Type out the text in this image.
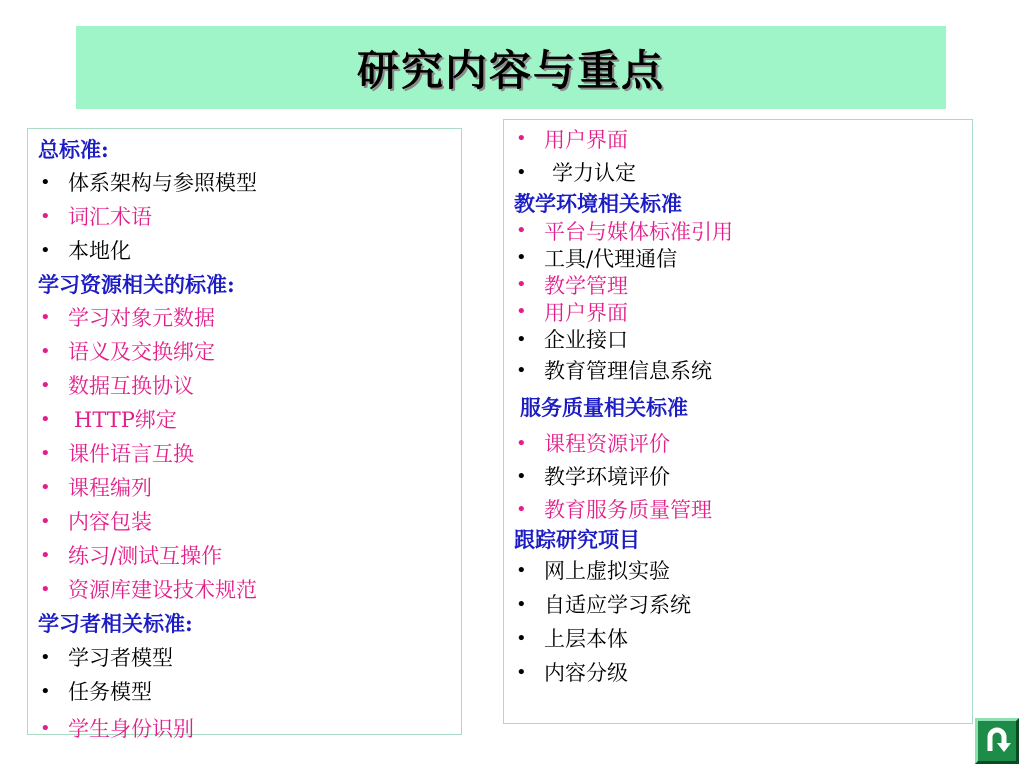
研究内容与重点
总标准:
• 体系架构与参照模型
• 词汇术语
• 本地化
学习资源相关的标准:
• 学习对象元数据
• 语义及交换绑定
• 数据互换协议
•	HTTP绑定
• 课件语言互换
• 课程编列
• 内容包装
• 练习/测试互操作
• 资源库建设技术规范
学习者相关标准:
• 学习者模型
• 任务模型
• 学生身份识别
• 用户界面
•	学力认定
教学环境相关标准
• 平台与媒体标准引用
• 工具/代理通信
• 教学管理
• 用户界面
• 企业接口
• 教育管理信息系统
服务质量相关标准
• 课程资源评价
• 教学环境评价
• 教育服务质量管理
跟踪研究项目
• 网上虚拟实验
• 自适应学习系统
• 上层本体
• 内容分级
